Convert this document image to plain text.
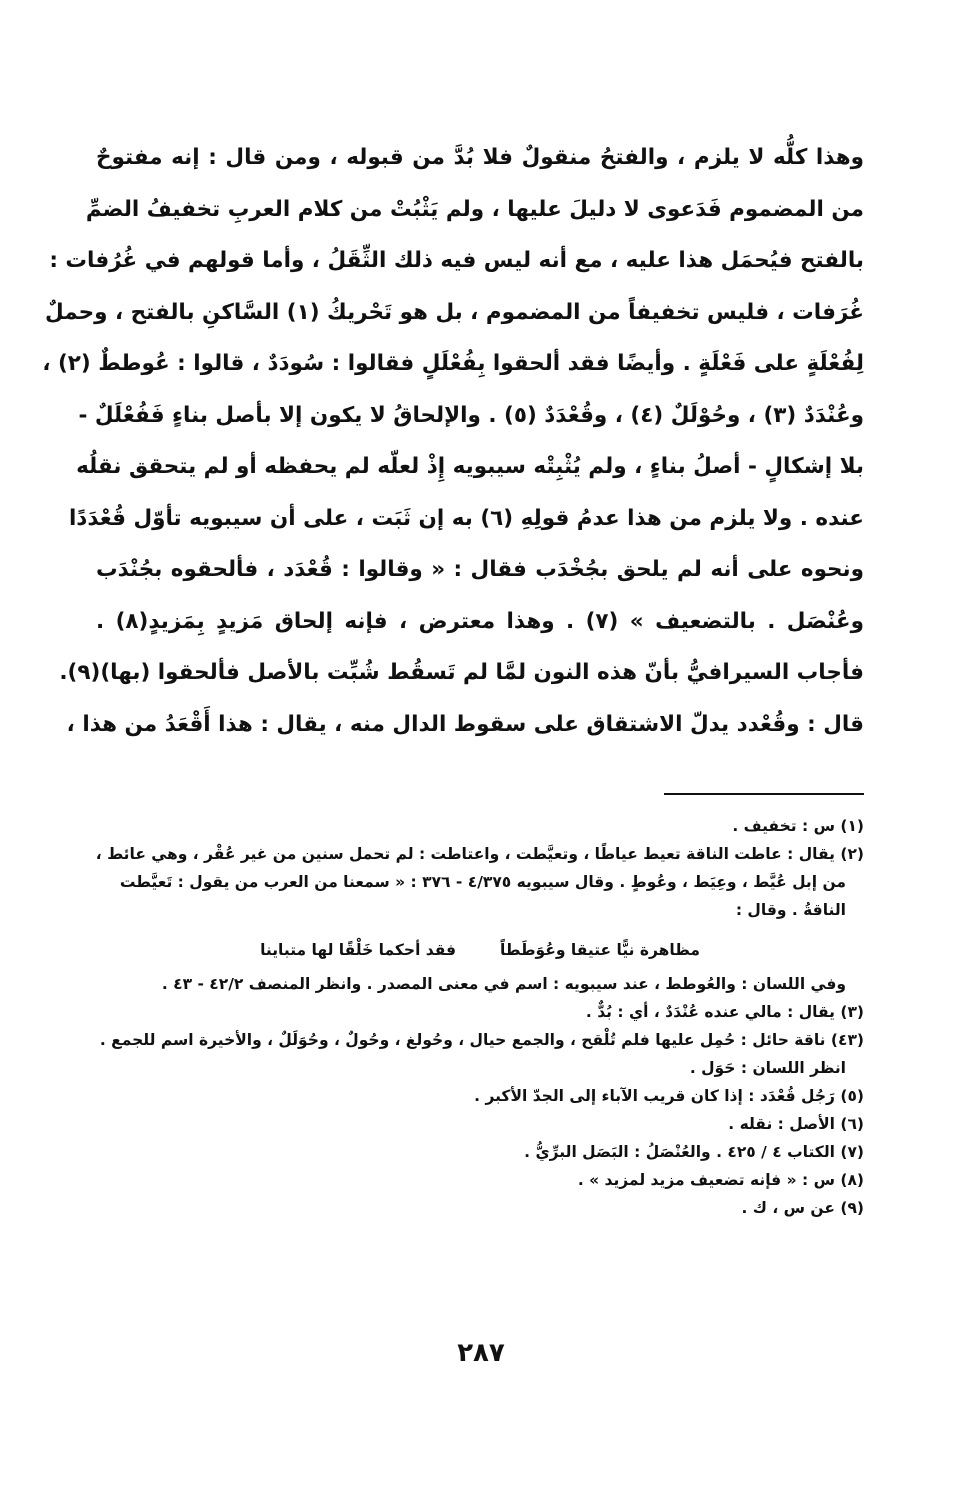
وهذا كلُّه لا يلزم ، والفتحُ منقولٌ فلا بُدَّ من قبوله ، ومن قال : إنه مفتوحٌ
من المضموم فَدَعوى لا دليلَ عليها ، ولم يَثْبُتْ من كلام العربِ تخفيفُ الضمِّ
بالفتح فيُحمَل هذا عليه ، مع أنه ليس فيه ذلك الثِّقَلُ ، وأما قولهم في غُرُفات :
غُرَفات ، فليس تخفيفاً من المضموم ، بل هو تَحْريكُ (١) السَّاكنِ بالفتح ، وحملٌ
لِفُعْلَةٍ على فَعْلَةٍ . وأيضًا فقد ألحقوا بِفُعْلَلٍ فقالوا : سُودَدٌ ، قالوا : عُوططٌ (٢) ،
وعُنْدَدٌ (٣) ، وحُوْلَلٌ (٤) ، وقُعْدَدٌ (٥) . والإلحاقُ لا يكون إلا بأصل بناءٍ فَفُعْلَلٌ -
بلا إشكالٍ - أصلُ بناءٍ ، ولم يُثْبِتْه سيبويه إِذْ لعلّه لم يحفظه أو لم يتحقق نقلُه
عنده . ولا يلزم من هذا عدمُ قولِهِ (٦) به إن ثَبَت ، على أن سيبويه تأوّل قُعْدَدًا
ونحوه على أنه لم يلحق بجُخْدَب فقال : « وقالوا : قُعْدَد ، فألحقوه بجُنْدَب
وعُنْصَل . بالتضعيف » (٧) . وهذا معترض ، فإنه إلحاق مَزيدٍ بِمَزيدٍ(٨) .
فأجاب السيرافيُّ بأنّ هذه النون لمَّا لم تَسقُط شُبِّت بالأصل فألحقوا (بها)(٩).
قال : وقُعْدد يدلّ الاشتقاق على سقوط الدال منه ، يقال : هذا أَقْعَدُ من هذا ،
(١) س : تخفيف .
(٢) يقال : عاطت الناقة تعيط عياطًا ، وتعيَّطت ، واعتاطت : لم تحمل سنين من غير عُقْر ، وهي عائط ،
من إبل عُيَّط ، وعِيَط ، وعُوطٍ . وقال سيبويه ٤/٣٧٥ - ٣٧٦ : « سمعنا من العرب من يقول : تَعيَّطت
الناقةُ . وقال :
مظاهرة نيًّا عتيقا وعُوَطَطاً
فقد أحكما خَلْقًا لها متباينا
وفي اللسان : والعُوطط ، عند سيبويه : اسم في معنى المصدر . وانظر المنصف ٤٢/٢ - ٤٣ .
(٣) يقال : مالي عنده عُنْدَدٌ ، أي : بُدٌّ .
(٤٣) ناقة حائل : حُمِل عليها فلم تُلْقح ، والجمع حيال ، وحُولغ ، وحُولٌ ، وحُوَلَلٌ ، والأخيرة اسم للجمع .
انظر اللسان : حَوَل .
(٥) رَجُل قُعْدَد : إذا كان قريب الآباء إلى الجدّ الأكبر .
(٦) الأصل : نقله .
(٧) الكتاب ٤ / ٤٢٥ . والعُنْصَلُ : البَصَل البرِّيُّ .
(٨) س : « فإنه تضعيف مزيد لمزيد » .
(٩) عن س ، ك .
٢٨٧
